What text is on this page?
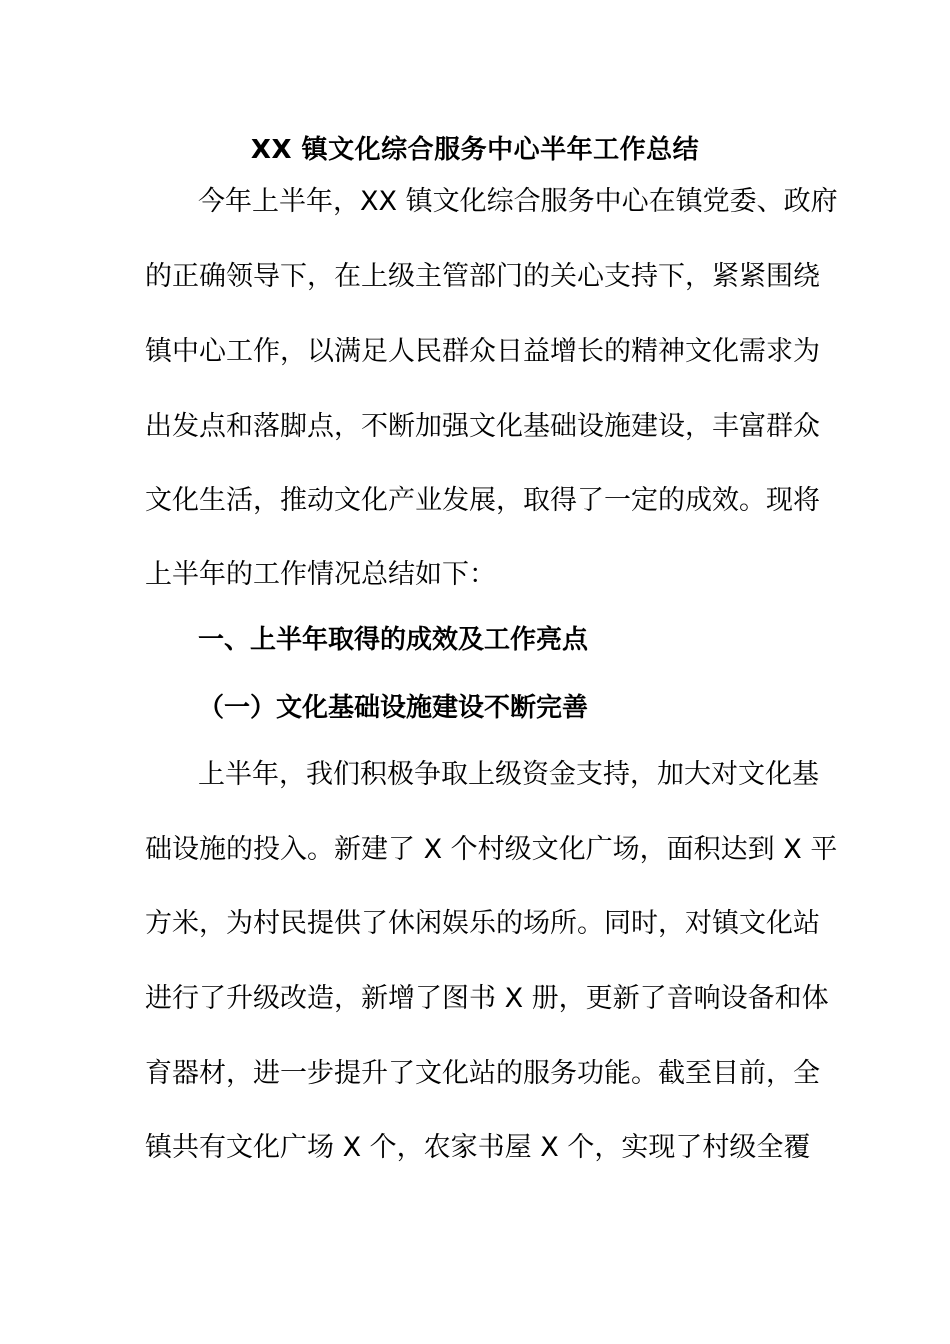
XX 镇文化综合服务中心半年工作总结
今年上半年，XX 镇文化综合服务中心在镇党委、政府
的正确领导下，在上级主管部门的关心支持下，紧紧围绕
镇中心工作，以满足人民群众日益增长的精神文化需求为
出发点和落脚点，不断加强文化基础设施建设，丰富群众
文化生活，推动文化产业发展，取得了一定的成效。现将
上半年的工作情况总结如下：
一、上半年取得的成效及工作亮点
（一）文化基础设施建设不断完善
上半年，我们积极争取上级资金支持，加大对文化基
础设施的投入。新建了 X 个村级文化广场，面积达到 X 平
方米，为村民提供了休闲娱乐的场所。同时，对镇文化站
进行了升级改造，新增了图书 X 册，更新了音响设备和体
育器材，进一步提升了文化站的服务功能。截至目前，全
镇共有文化广场 X 个，农家书屋 X 个，实现了村级全覆
